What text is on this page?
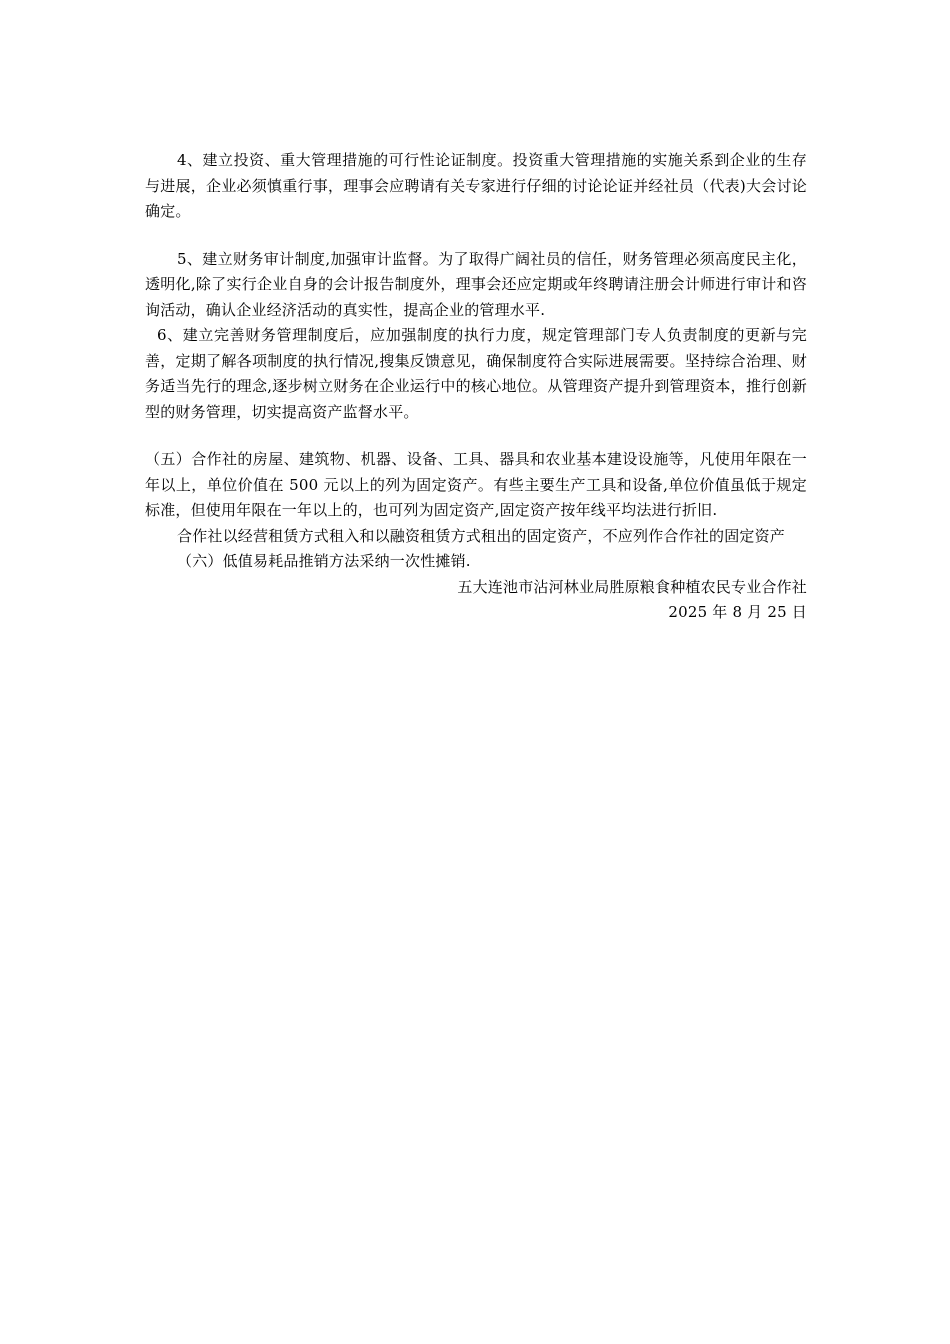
4、建立投资、重大管理措施的可行性论证制度。投资重大管理措施的实施关系到企业的生存与进展，企业必须慎重行事，理事会应聘请有关专家进行仔细的讨论论证并经社员（代表)大会讨论确定。

5、建立财务审计制度,加强审计监督。为了取得广阔社员的信任，财务管理必须高度民主化，透明化,除了实行企业自身的会计报告制度外，理事会还应定期或年终聘请注册会计师进行审计和咨询活动，确认企业经济活动的真实性，提高企业的管理水平.

6、建立完善财务管理制度后，应加强制度的执行力度，规定管理部门专人负责制度的更新与完善，定期了解各项制度的执行情况,搜集反馈意见，确保制度符合实际进展需要。坚持综合治理、财务适当先行的理念,逐步树立财务在企业运行中的核心地位。从管理资产提升到管理资本，推行创新型的财务管理，切实提高资产监督水平。

（五）合作社的房屋、建筑物、机器、设备、工具、器具和农业基本建设设施等，凡使用年限在一年以上，单位价值在 500 元以上的列为固定资产。有些主要生产工具和设备,单位价值虽低于规定标准，但使用年限在一年以上的，也可列为固定资产,固定资产按年线平均法进行折旧.

合作社以经营租赁方式租入和以融资租赁方式租出的固定资产，不应列作合作社的固定资产

（六）低值易耗品推销方法采纳一次性摊销.

五大连池市沾河林业局胜原粮食种植农民专业合作社

2025 年 8 月 25 日
